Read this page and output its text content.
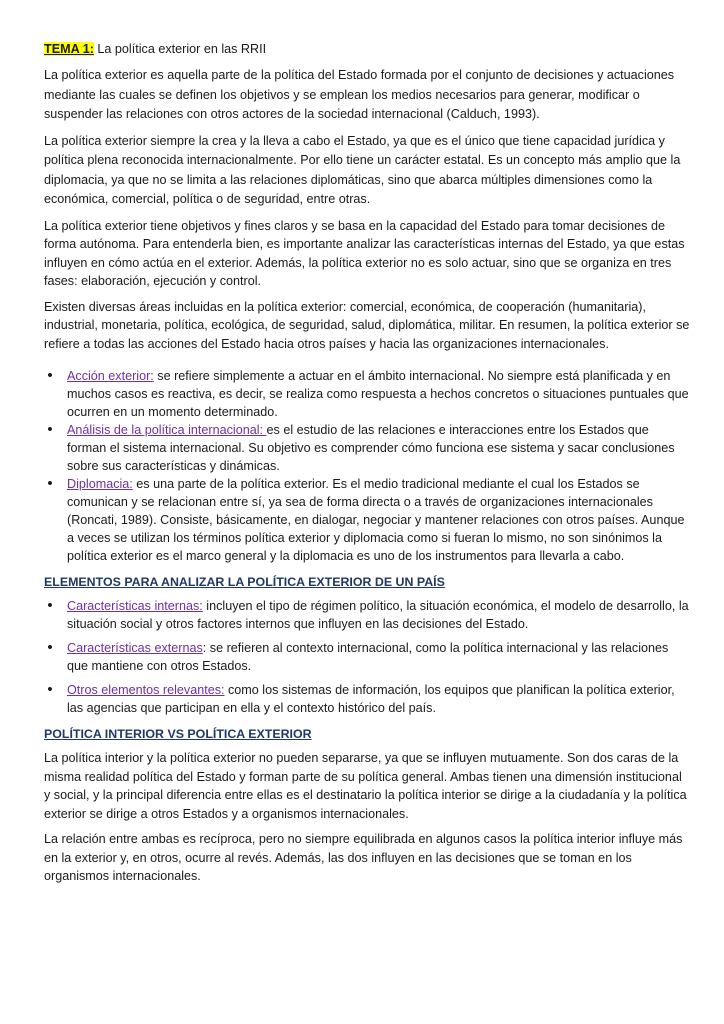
TEMA 1: La política exterior en las RRII

La política exterior es aquella parte de la política del Estado formada por el conjunto de decisiones y actuaciones mediante las cuales se definen los objetivos y se emplean los medios necesarios para generar, modificar o suspender las relaciones con otros actores de la sociedad internacional (Calduch, 1993).

La política exterior siempre la crea y la lleva a cabo el Estado, ya que es el único que tiene capacidad jurídica y política plena reconocida internacionalmente. Por ello tiene un carácter estatal. Es un concepto más amplio que la diplomacia, ya que no se limita a las relaciones diplomáticas, sino que abarca múltiples dimensiones como la económica, comercial, política o de seguridad, entre otras.

La política exterior tiene objetivos y fines claros y se basa en la capacidad del Estado para tomar decisiones de forma autónoma. Para entenderla bien, es importante analizar las características internas del Estado, ya que estas influyen en cómo actúa en el exterior. Además, la política exterior no es solo actuar, sino que se organiza en tres fases: elaboración, ejecución y control.

Existen diversas áreas incluidas en la política exterior: comercial, económica, de cooperación (humanitaria), industrial, monetaria, política, ecológica, de seguridad, salud, diplomática, militar. En resumen, la política exterior se refiere a todas las acciones del Estado hacia otros países y hacia las organizaciones internacionales.

• Acción exterior: se refiere simplemente a actuar en el ámbito internacional. No siempre está planificada y en muchos casos es reactiva, es decir, se realiza como respuesta a hechos concretos o situaciones puntuales que ocurren en un momento determinado.
• Análisis de la política internacional: es el estudio de las relaciones e interacciones entre los Estados que forman el sistema internacional. Su objetivo es comprender cómo funciona ese sistema y sacar conclusiones sobre sus características y dinámicas.
• Diplomacia: es una parte de la política exterior. Es el medio tradicional mediante el cual los Estados se comunican y se relacionan entre sí, ya sea de forma directa o a través de organizaciones internacionales (Roncati, 1989). Consiste, básicamente, en dialogar, negociar y mantener relaciones con otros países. Aunque a veces se utilizan los términos política exterior y diplomacia como si fueran lo mismo, no son sinónimos la política exterior es el marco general y la diplomacia es uno de los instrumentos para llevarla a cabo.
ELEMENTOS PARA ANALIZAR LA POLÍTICA EXTERIOR DE UN PAÍS
• Características internas: incluyen el tipo de régimen político, la situación económica, el modelo de desarrollo, la situación social y otros factores internos que influyen en las decisiones del Estado.
• Características externas: se refieren al contexto internacional, como la política internacional y las relaciones que mantiene con otros Estados.
• Otros elementos relevantes: como los sistemas de información, los equipos que planifican la política exterior, las agencias que participan en ella y el contexto histórico del país.
POLÍTICA INTERIOR VS POLÍTICA EXTERIOR

La política interior y la política exterior no pueden separarse, ya que se influyen mutuamente. Son dos caras de la misma realidad política del Estado y forman parte de su política general. Ambas tienen una dimensión institucional y social, y la principal diferencia entre ellas es el destinatario la política interior se dirige a la ciudadanía y la política exterior se dirige a otros Estados y a organismos internacionales.

La relación entre ambas es recíproca, pero no siempre equilibrada en algunos casos la política interior influye más en la exterior y, en otros, ocurre al revés. Además, las dos influyen en las decisiones que se toman en los organismos internacionales.
